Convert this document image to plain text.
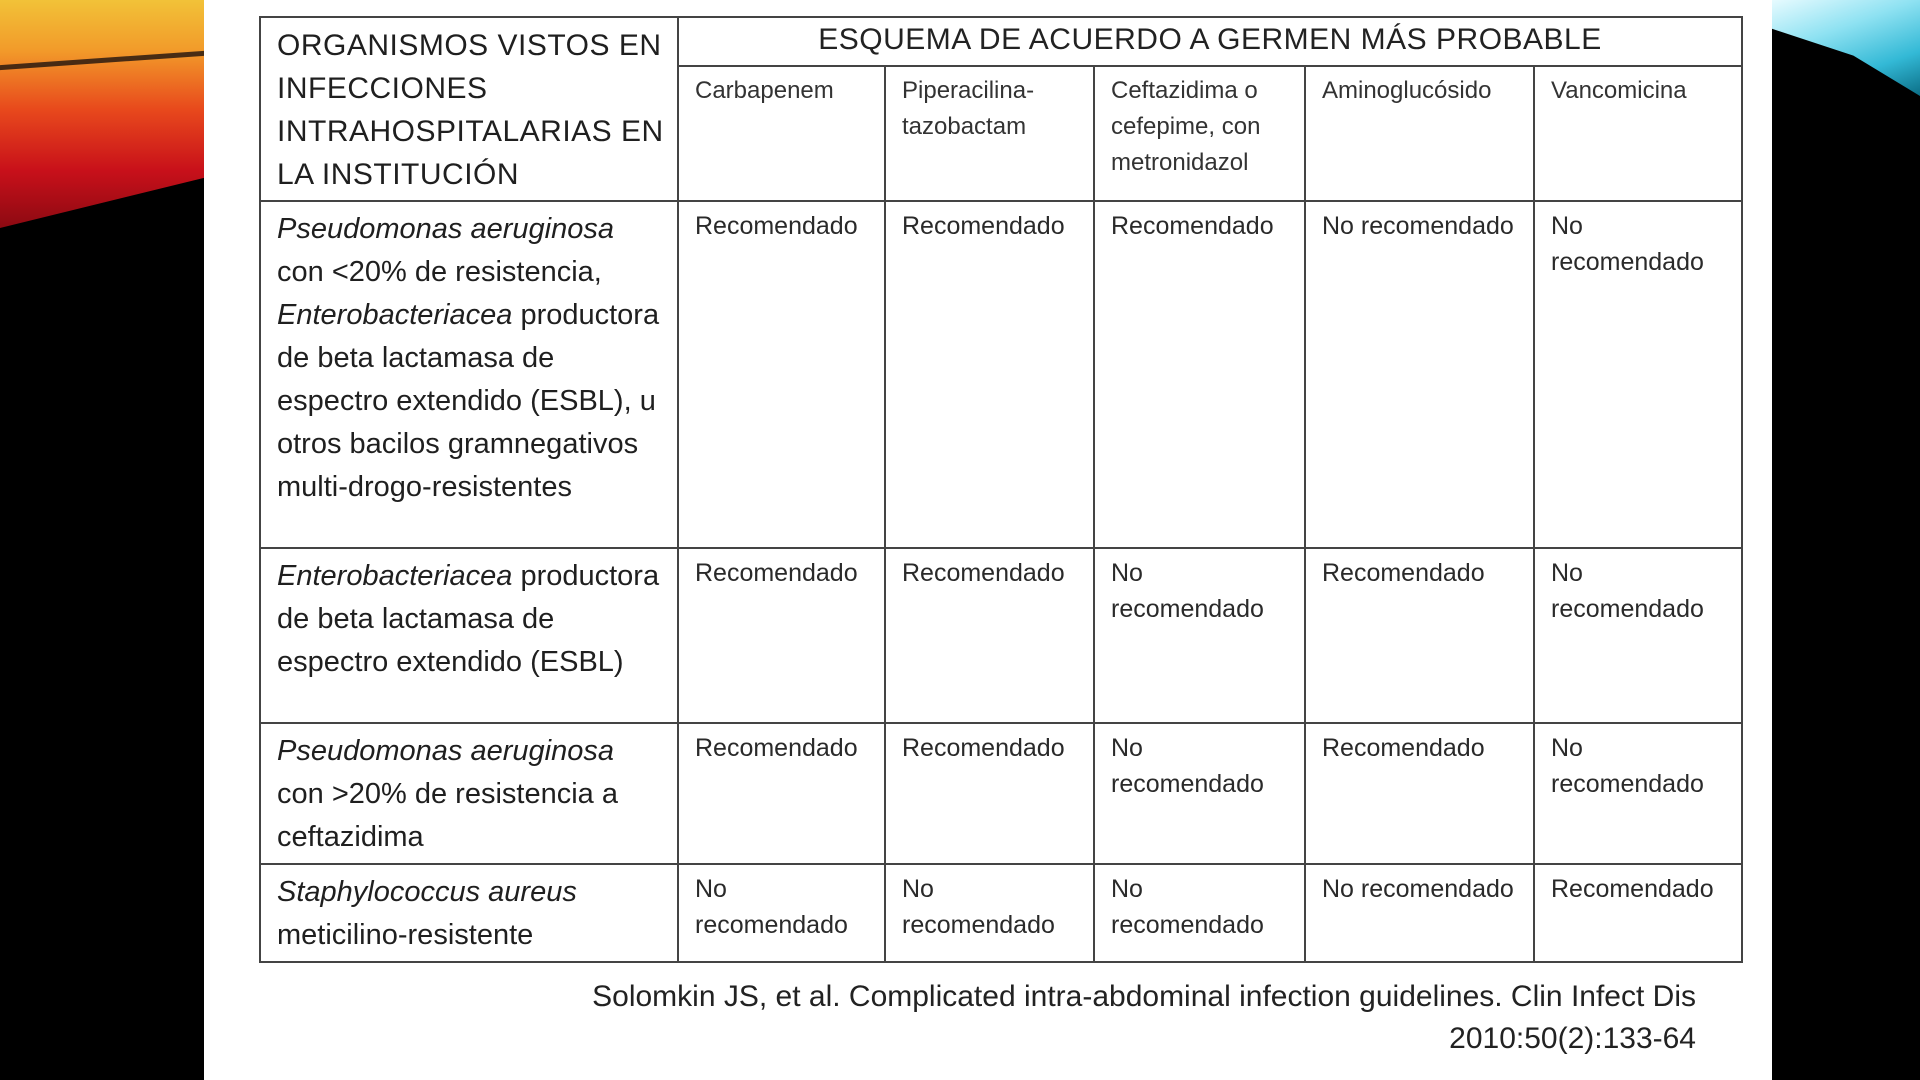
ORGANISMOS VISTOS EN INFECCIONES INTRAHOSPITALARIAS EN LA INSTITUCIÓN	ESQUEMA DE ACUERDO A GERMEN MÁS PROBABLE				
	Carbapenem	Piperacilina-tazobactam	Ceftazidima o cefepime, con metronidazol	Aminoglucósido	Vancomicina
Pseudomonas aeruginosa con <20% de resistencia, Enterobacteriacea productora de beta lactamasa de espectro extendido (ESBL), u otros bacilos gramnegativos multi-drogo-resistentes	Recomendado	Recomendado	Recomendado	No recomendado	No recomendado
Enterobacteriacea productora de beta lactamasa de espectro extendido (ESBL)	Recomendado	Recomendado	No recomendado	Recomendado	No recomendado
Pseudomonas aeruginosa con >20% de resistencia a ceftazidima	Recomendado	Recomendado	No recomendado	Recomendado	No recomendado
Staphylococcus aureus meticilino-resistente	No recomendado	No recomendado	No recomendado	No recomendado	Recomendado
Solomkin JS, et al. Complicated intra-abdominal infection guidelines. Clin Infect Dis
2010:50(2):133-64
